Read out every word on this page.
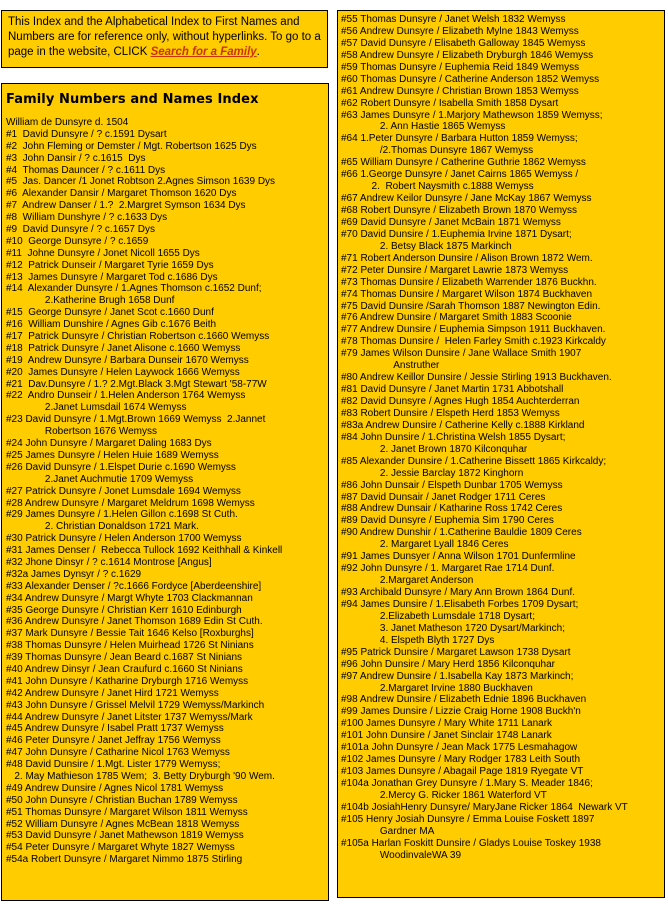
This Index and the Alphabetical Index to First Names and Numbers are for reference only, without hyperlinks. To go to a page in the website, CLICK Search for a Family.
Family Numbers and Names Index
William de Dunsyre d. 1504
#1  David Dunsyre / ? c.1591 Dysart
#2  John Fleming or Demster / Mgt. Robertson 1625 Dys
#3  John Dansir / ? c.1615  Dys
#4  Thomas Dauncer / ? c.1611 Dys
#5  Jas. Dancer /1 Jonet Robtson 2.Agnes Simson 1639 Dys
#6  Alexander Dansir / Margaret Thomson 1620 Dys
#7  Andrew Danser / 1.?  2.Margret Symson 1634 Dys
#8  William Dunshyre / ? c.1633 Dys
#9  David Dunsyre / ? c.1657 Dys
#10  George Dunsyre / ? c.1659
#11  Johne Dunsyre / Jonet Nicoll 1655 Dys
#12  Patrick Dunseir / Margaret Tyrie 1659 Dys
#13  James Dunsyre / Margaret Tod c.1686 Dys
#14  Alexander Dunsyre / 1.Agnes Thomson c.1652 Dunf;
2.Katherine Brugh 1658 Dunf
#15  George Dunsyre / Janet Scot c.1660 Dunf
#16  William Dunshire / Agnes Gib c.1676 Beith
#17  Patrick Dunsyre / Christian Robertson c.1660 Wemyss
#18  Patrick Dunsyre / Janet Alisone c.1660 Wemyss
#19  Andrew Dunsyre / Barbara Dunseir 1670 Wemyss
#20  James Dunsyre / Helen Laywock 1666 Wemyss
#21  Dav.Dunsyre / 1.? 2.Mgt.Black 3.Mgt Stewart '58-77W
#22  Andro Dunseir / 1.Helen Anderson 1764 Wemyss
2.Janet Lumsdail 1674 Wemyss
#23 David Dunsyre / 1.Mgt.Brown 1669 Wemyss  2.Jannet
Robertson 1676 Wemyss
#24 John Dunsyre / Margaret Daling 1683 Dys
#25 James Dunsyre / Helen Huie 1689 Wemyss
#26 David Dunsyre / 1.Elspet Durie c.1690 Wemyss
2.Janet Auchmutie 1709 Wemyss
#27 Patrick Dunsyre / Jonet Lumsdale 1694 Wemyss
#28 Andrew Dunsyre / Margaret Meldrum 1698 Wemyss
#29 James Dunsyre / 1.Helen Gillon c.1698 St Cuth.
2. Christian Donaldson 1721 Mark.
#30 Patrick Dunsyre / Helen Anderson 1700 Wemyss
#31 James Denser /  Rebecca Tullock 1692 Keithhall & Kinkell
#32 Jhone Dinsyr / ? c.1614 Montrose [Angus]
#32a James Dynsyr / ? c.1629
#33 Alexander Denser / ?c.1666 Fordyce [Aberdeenshire]
#34 Andrew Dunsyre / Margt Whyte 1703 Clackmannan
#35 George Dunsyre / Christian Kerr 1610 Edinburgh
#36 Andrew Dunsyre / Janet Thomson 1689 Edin St Cuth.
#37 Mark Dunsyre / Bessie Tait 1646 Kelso [Roxburghs]
#38 Thomas Dunsyre / Helen Muirhead 1726 St Ninians
#39 Thomas Dunsyre / Jean Beard c.1687 St Ninians
#40 Andrew Dinsyr / Jean Craufurd c.1660 St Ninians
#41 John Dunsyre / Katharine Dryburgh 1716 Wemyss
#42 Andrew Dunsyre / Janet Hird 1721 Wemyss
#43 John Dunsyre / Grissel Melvil 1729 Wemyss/Markinch
#44 Andrew Dunsyre / Janet Litster 1737 Wemyss/Mark
#45 Andrew Dunsyre / Isabel Pratt 1737 Wemyss
#46 Peter Dunsyre / Janet Jeffray 1756 Wemyss
#47 John Dunsyre / Catharine Nicol 1763 Wemyss
#48 David Dunsire / 1.Mgt. Lister 1779 Wemyss;
2. May Mathieson 1785 Wem;  3. Betty Dryburgh '90 Wem.
#49 Andrew Dunsire / Agnes Nicol 1781 Wemyss
#50 John Dunsyre / Christian Buchan 1789 Wemyss
#51 Thomas Dunsyre / Margaret Wilson 1811 Wemyss
#52 William Dunsyre / Agnes McBean 1818 Wemyss
#53 David Dunsyre / Janet Mathewson 1819 Wemyss
#54 Peter Dunsyre / Margaret Whyte 1827 Wemyss
#54a Robert Dunsyre / Margaret Nimmo 1875 Stirling
#55 Thomas Dunsyre / Janet Welsh 1832 Wemyss
#56 Andrew Dunsyre / Elizabeth Mylne 1843 Wemyss
#57 David Dunsyre / Elisabeth Galloway 1845 Wemyss
#58 Andrew Dunsyre / Elizabeth Dryburgh 1846 Wemyss
#59 Thomas Dunsyre / Euphemia Reid 1849 Wemyss
#60 Thomas Dunsyre / Catherine Anderson 1852 Wemyss
#61 Andrew Dunsyre / Christian Brown 1853 Wemyss
#62 Robert Dunsyre / Isabella Smith 1858 Dysart
#63 James Dunsyre / 1.Marjory Mathewson 1859 Wemyss;
2. Ann Hastie 1865 Wemyss
#64 1.Peter Dunsyre / Barbara Hutton 1859 Wemyss;
/2.Thomas Dunsyre 1867 Wemyss
#65 William Dunsyre / Catherine Guthrie 1862 Wemyss
#66 1.George Dunsyre / Janet Cairns 1865 Wemyss /
2.  Robert Naysmith c.1888 Wemyss
#67 Andrew Keilor Dunsyre / Jane McKay 1867 Wemyss
#68 Robert Dunsyre / Elizabeth Brown 1870 Wemyss
#69 David Dunsyre / Janet McBain 1871 Wemyss
#70 David Dunsire / 1.Euphemia Irvine 1871 Dysart;
2. Betsy Black 1875 Markinch
#71 Robert Anderson Dunsire / Alison Brown 1872 Wem.
#72 Peter Dunsire / Margaret Lawrie 1873 Wemyss
#73 Thomas Dunsire / Elizabeth Warrender 1876 Buckhn.
#74 Thomas Dunsire / Margaret Wilson 1874 Buckhaven
#75 David Dunsire /Sarah Thomson 1887 Newington Edin.
#76 Andrew Dunsire / Margaret Smith 1883 Scoonie
#77 Andrew Dunsire / Euphemia Simpson 1911 Buckhaven.
#78 Thomas Dunsire /  Helen Farley Smith c.1923 Kirkcaldy
#79 James Wilson Dunsire / Jane Wallace Smith 1907
Anstruther
#80 Andrew Keillor Dunsire / Jessie Stirling 1913 Buckhaven.
#81 David Dunsyre / Janet Martin 1731 Abbotshall
#82 David Dunsyre / Agnes Hugh 1854 Auchterderran
#83 Robert Dunsire / Elspeth Herd 1853 Wemyss
#83a Andrew Dunsire / Catherine Kelly c.1888 Kirkland
#84 John Dunsire / 1.Christina Welsh 1855 Dysart;
2. Janet Brown 1870 Kilconquhar
#85 Alexander Dunsire / 1.Catherine Bissett 1865 Kirkcaldy;
2. Jessie Barclay 1872 Kinghorn
#86 John Dunsair / Elspeth Dunbar 1705 Wemyss
#87 David Dunsair / Janet Rodger 1711 Ceres
#88 Andrew Dunsair / Katharine Ross 1742 Ceres
#89 David Dunsyre / Euphemia Sim 1790 Ceres
#90 Andrew Dunshir / 1.Catherine Bauldie 1809 Ceres
2. Margaret Lyall 1846 Ceres
#91 James Dunsyer / Anna Wilson 1701 Dunfermline
#92 John Dunsyre / 1. Margaret Rae 1714 Dunf.
2.Margaret Anderson
#93 Archibald Dunsyre / Mary Ann Brown 1864 Dunf.
#94 James Dunsire / 1.Elisabeth Forbes 1709 Dysart;
2.Elizabeth Lumsdale 1718 Dysart;
3. Janet Matheson 1720 Dysart/Markinch;
4. Elspeth Blyth 1727 Dys
#95 Patrick Dunsire / Margaret Lawson 1738 Dysart
#96 John Dunsire / Mary Herd 1856 Kilconquhar
#97 Andrew Dunsire / 1.Isabella Kay 1873 Markinch;
2.Margaret Irvine 1880 Buckhaven
#98 Andrew Dunsire / Elizabeth Ednie 1896 Buckhaven
#99 James Dunsire / Lizzie Craig Horne 1908 Buckh'n
#100 James Dunsyre / Mary White 1711 Lanark
#101 John Dunsire / Janet Sinclair 1748 Lanark
#101a John Dunsyre / Jean Mack 1775 Lesmahagow
#102 James Dunsyre / Mary Rodger 1783 Leith South
#103 James Dunsyre / Abagail Page 1819 Ryegate VT
#104a Jonathan Grey Dunsyre / 1.Mary S. Meader 1846;
2.Mercy G. Ricker 1861 Waterford VT
#104b JosiahHenry Dunsyre/ MaryJane Ricker 1864  Newark VT
#105 Henry Josiah Dunsyre / Emma Louise Foskett 1897
Gardner MA
#105a Harlan Foskitt Dunsire / Gladys Louise Toskey 1938
WoodinvaleWA 39
